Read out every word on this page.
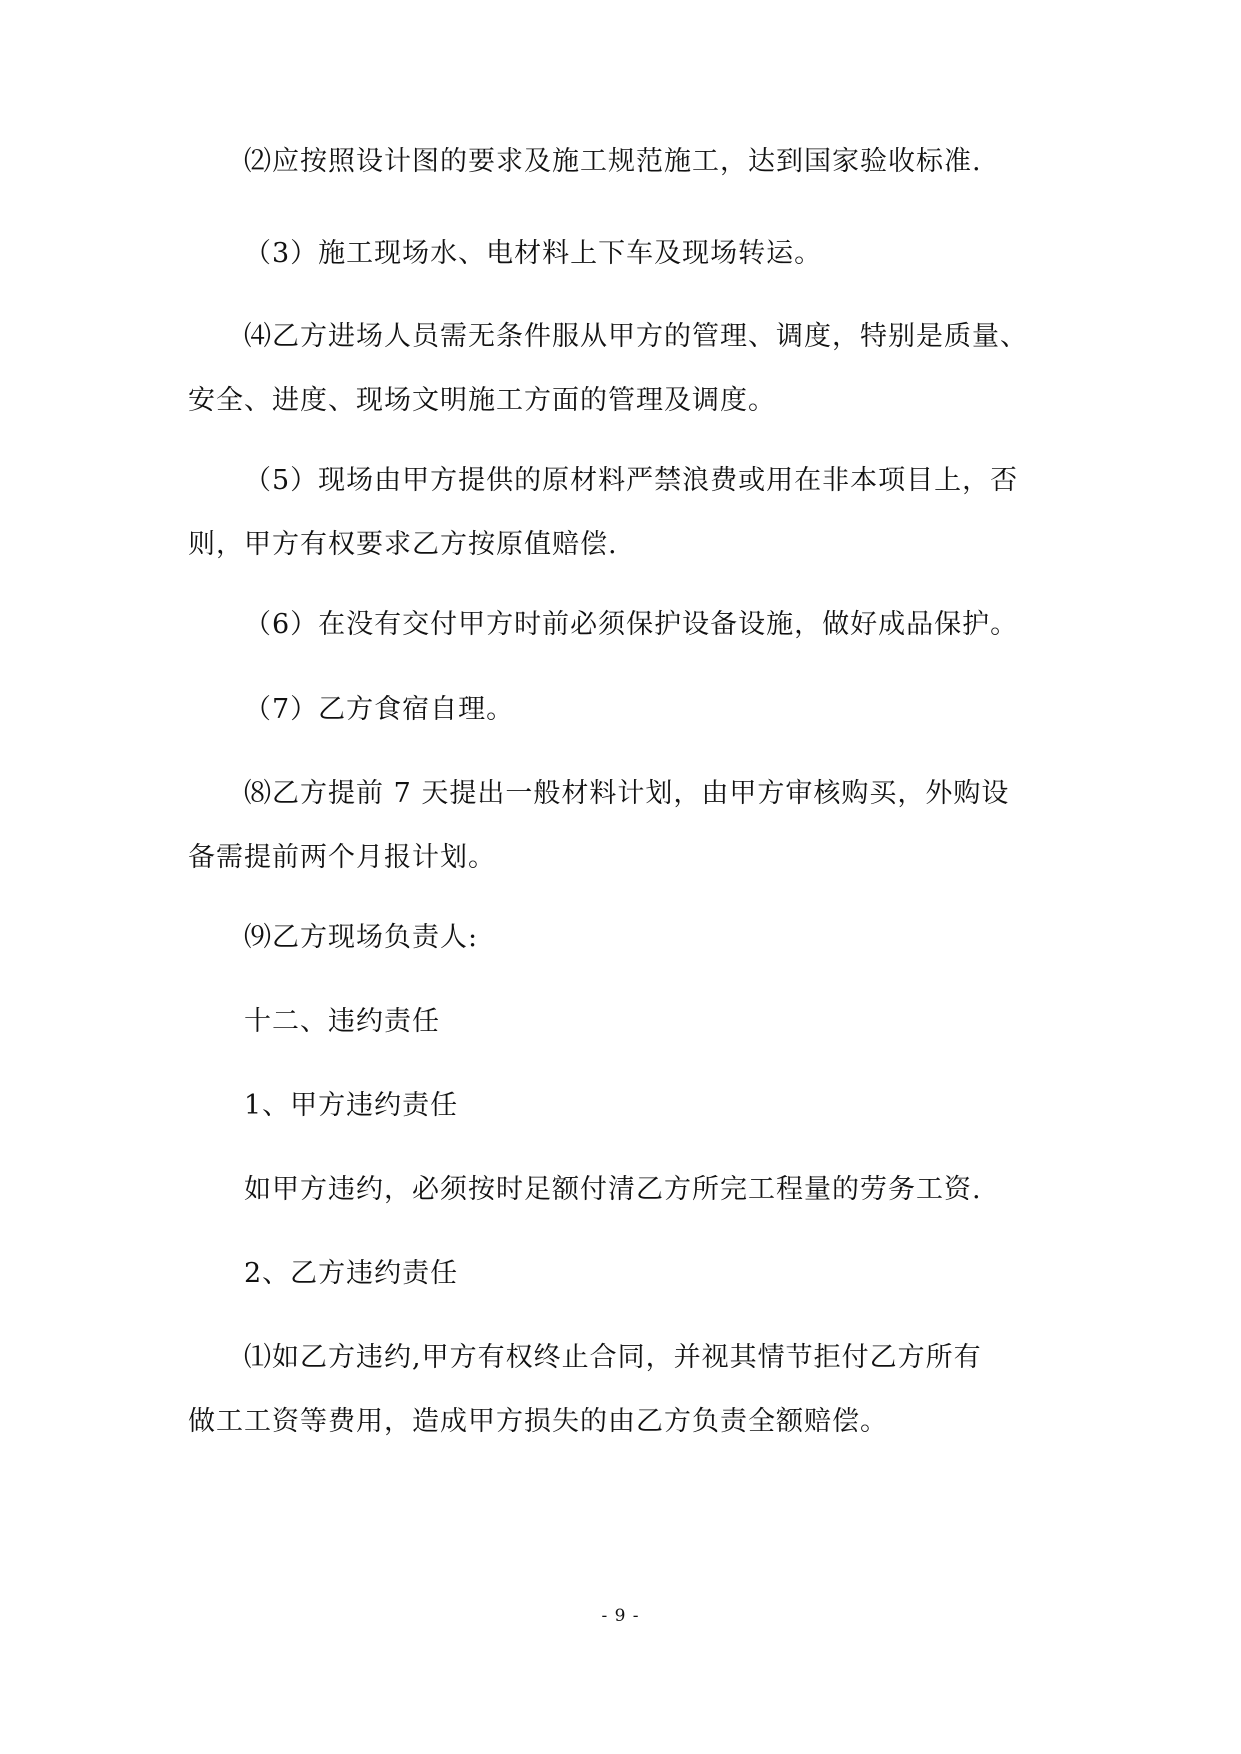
⑵应按照设计图的要求及施工规范施工，达到国家验收标准.

（3）施工现场水、电材料上下车及现场转运。

⑷乙方进场人员需无条件服从甲方的管理、调度，特别是质量、
安全、进度、现场文明施工方面的管理及调度。

（5）现场由甲方提供的原材料严禁浪费或用在非本项目上，否
则，甲方有权要求乙方按原值赔偿.

（6）在没有交付甲方时前必须保护设备设施，做好成品保护。

（7）乙方食宿自理。

⑻乙方提前 7 天提出一般材料计划，由甲方审核购买，外购设
备需提前两个月报计划。

⑼乙方现场负责人:

十二、违约责任

1、甲方违约责任

如甲方违约，必须按时足额付清乙方所完工程量的劳务工资.

2、乙方违约责任

⑴如乙方违约,甲方有权终止合同，并视其情节拒付乙方所有
做工工资等费用，造成甲方损失的由乙方负责全额赔偿。

- 9 -
